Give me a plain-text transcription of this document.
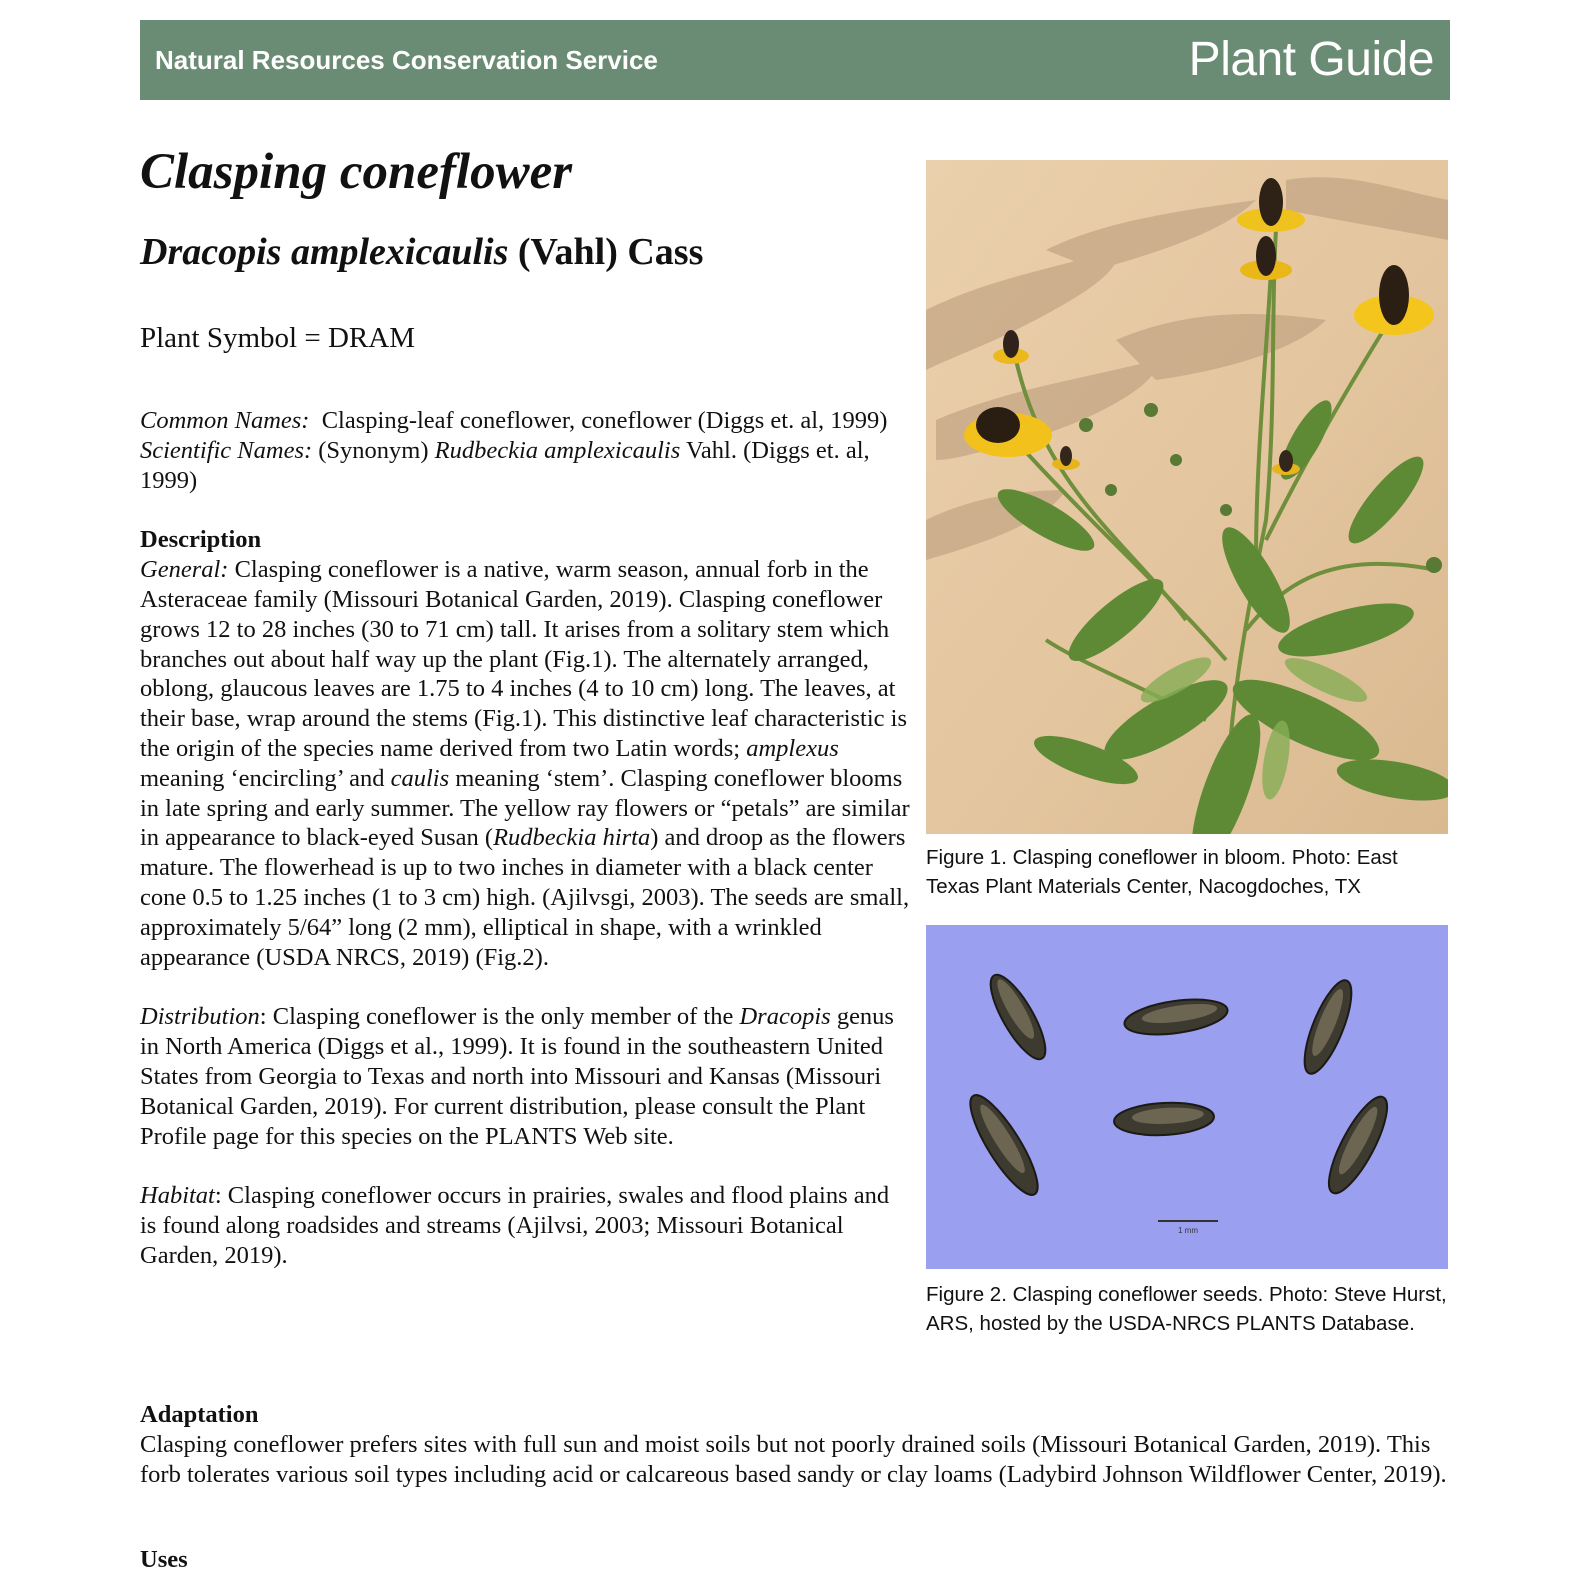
Natural Resources Conservation Service	Plant Guide
Clasping coneflower
Dracopis amplexicaulis (Vahl) Cass
Plant Symbol = DRAM

Common Names: Clasping-leaf coneflower, coneflower (Diggs et. al, 1999)

Scientific Names: (Synonym) Rudbeckia amplexicaulis Vahl. (Diggs et. al, 1999)

Description

General: Clasping coneflower is a native, warm season, annual forb in the Asteraceae family (Missouri Botanical Garden, 2019). Clasping coneflower grows 12 to 28 inches (30 to 71 cm) tall. It arises from a solitary stem which branches out about half way up the plant (Fig.1). The alternately arranged, oblong, glaucous leaves are 1.75 to 4 inches (4 to 10 cm) long. The leaves, at their base, wrap around the stems (Fig.1). This distinctive leaf characteristic is the origin of the species name derived from two Latin words; amplexus meaning ‘encircling’ and caulis meaning ‘stem’. Clasping coneflower blooms in late spring and early summer. The yellow ray flowers or “petals” are similar in appearance to black-eyed Susan (Rudbeckia hirta) and droop as the flowers mature. The flowerhead is up to two inches in diameter with a black center cone 0.5 to 1.25 inches (1 to 3 cm) high. (Ajilvsgi, 2003). The seeds are small, approximately 5/64” long (2 mm), elliptical in shape, with a wrinkled appearance (USDA NRCS, 2019) (Fig.2).

Distribution: Clasping coneflower is the only member of the Dracopis genus in North America (Diggs et al., 1999). It is found in the southeastern United States from Georgia to Texas and north into Missouri and Kansas (Missouri Botanical Garden, 2019). For current distribution, please consult the Plant Profile page for this species on the PLANTS Web site.

Habitat: Clasping coneflower occurs in prairies, swales and flood plains and is found along roadsides and streams (Ajilvsi, 2003; Missouri Botanical Garden, 2019).

Figure 1. Clasping coneflower in bloom. Photo: East Texas Plant Materials Center, Nacogdoches, TX
1 mm
Figure 2. Clasping coneflower seeds. Photo: Steve Hurst, ARS, hosted by the USDA-NRCS PLANTS Database.
Adaptation

Clasping coneflower prefers sites with full sun and moist soils but not poorly drained soils (Missouri Botanical Garden, 2019). This forb tolerates various soil types including acid or calcareous based sandy or clay loams (Ladybird Johnson Wildflower Center, 2019).

Uses
